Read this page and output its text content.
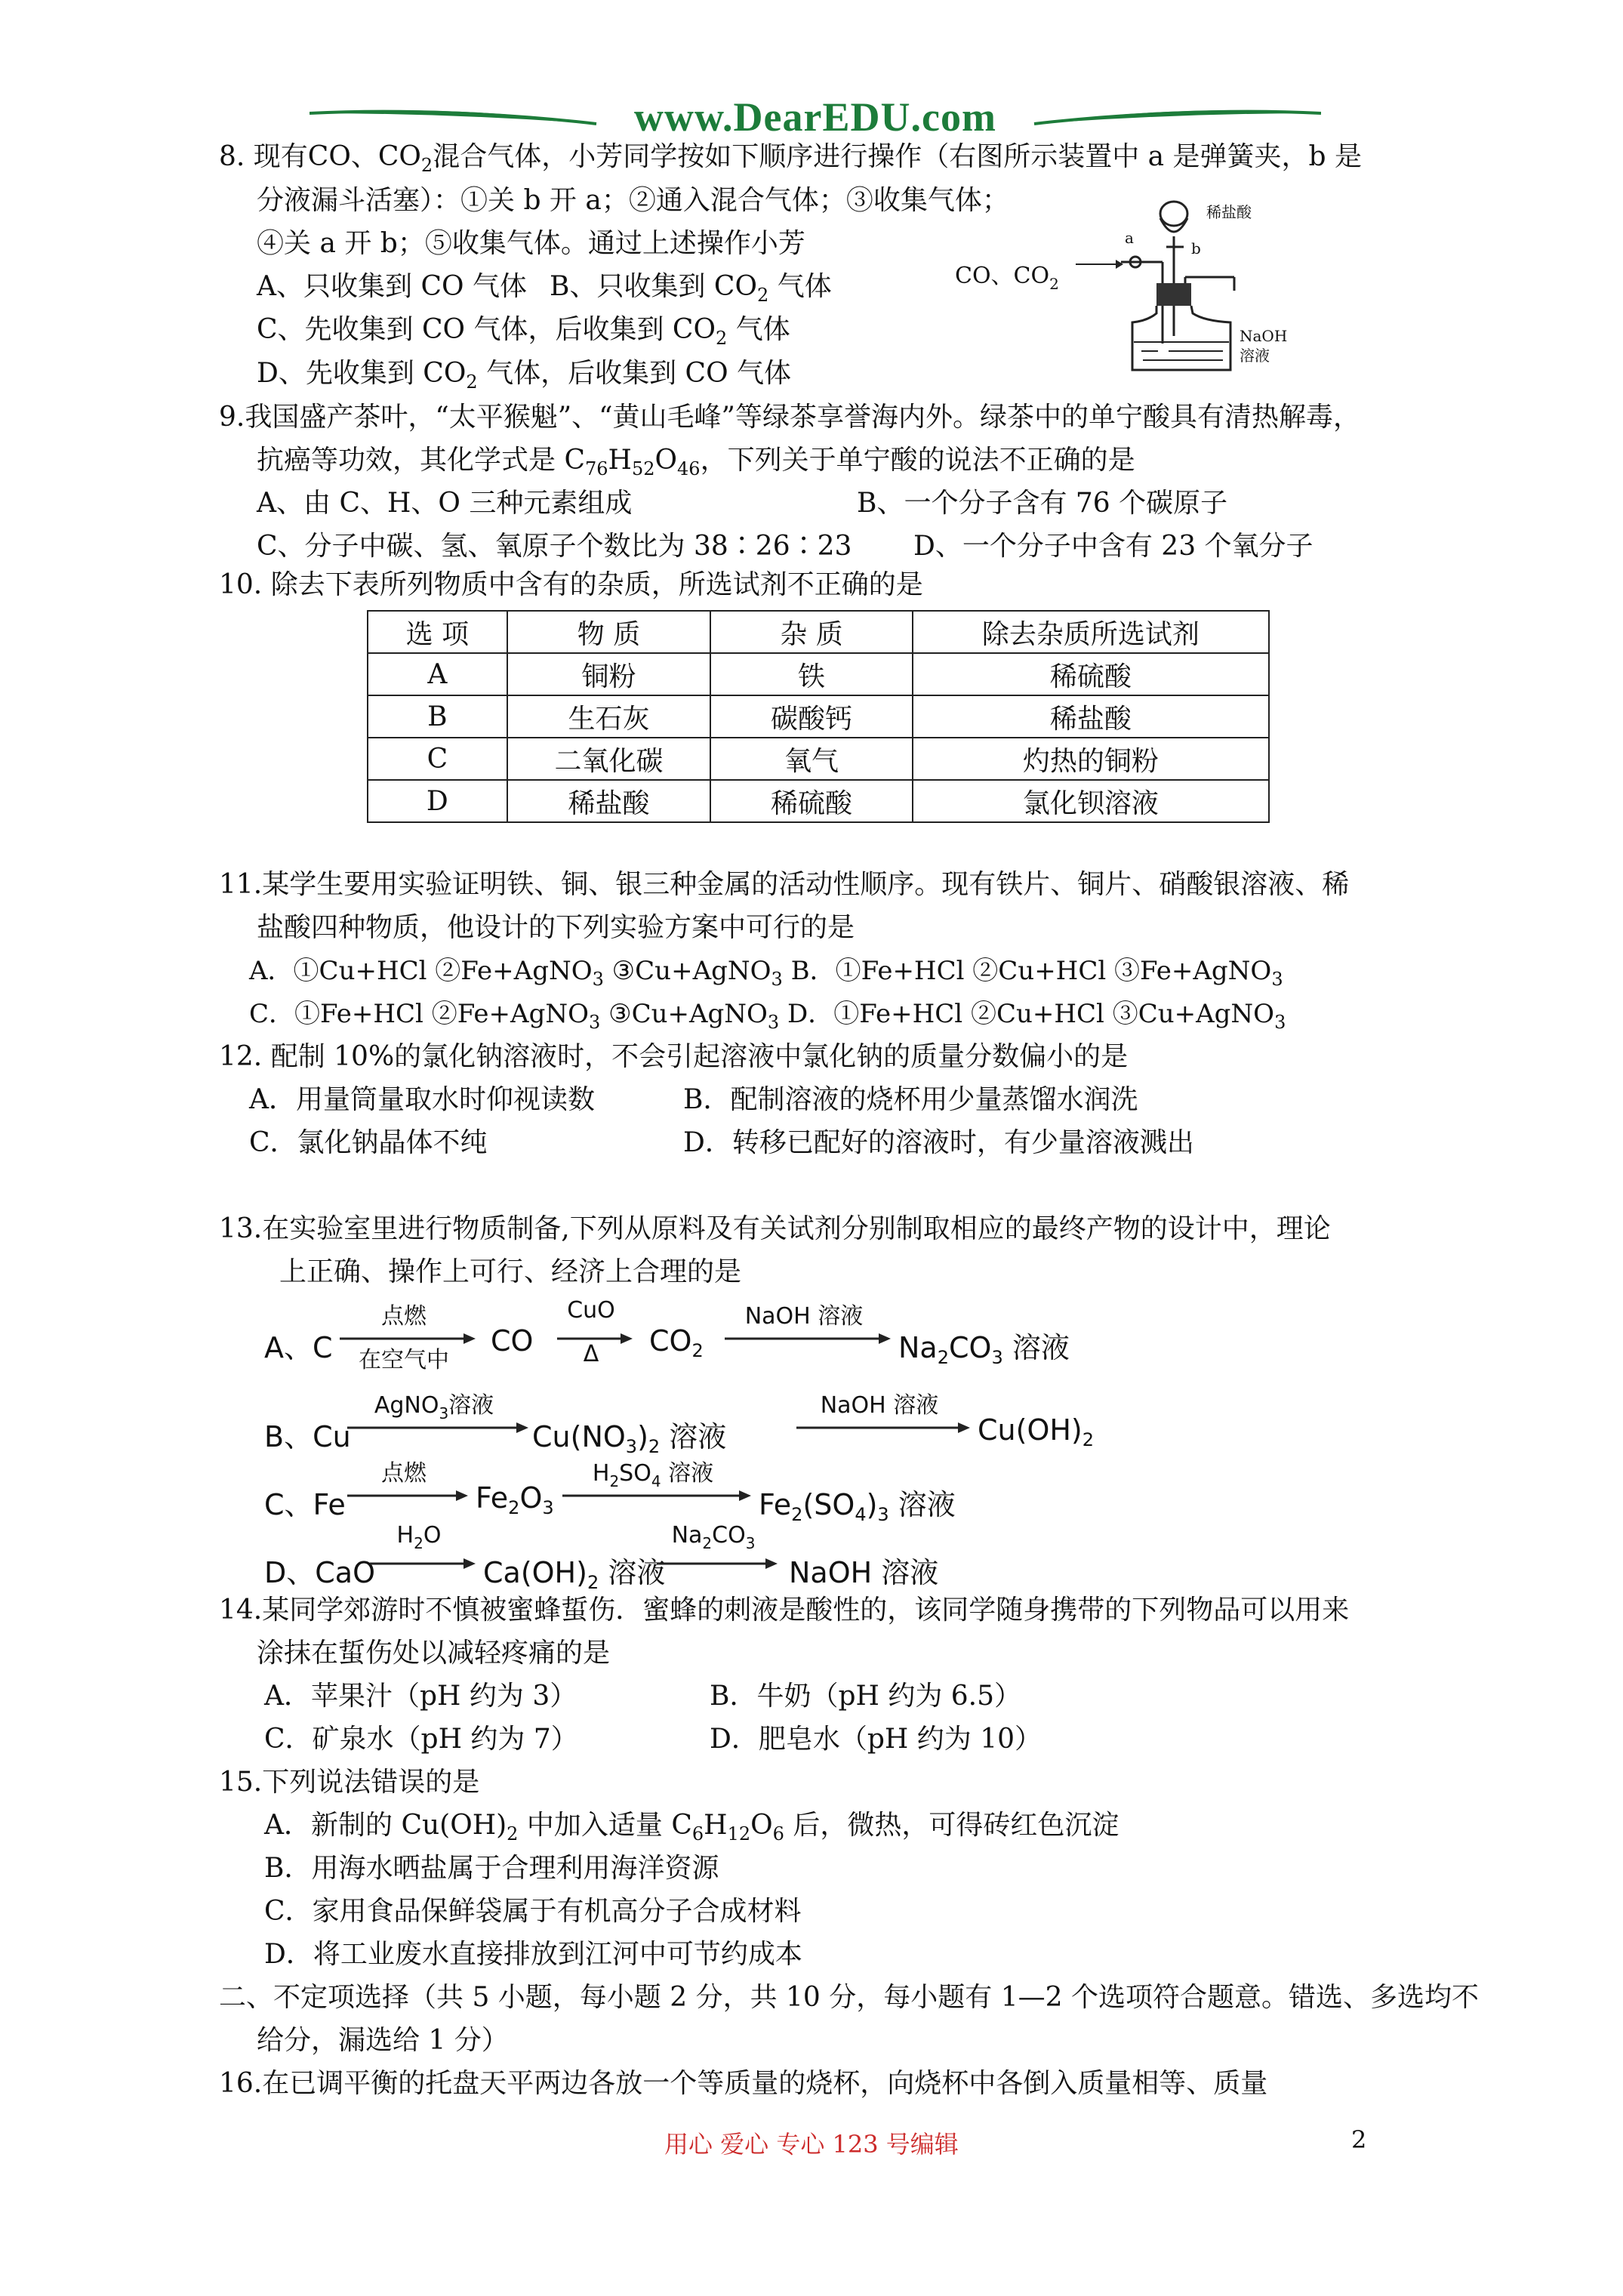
www.DearEDU.com
8. 现有CO、$CO_2$混合气体，小芳同学按如下顺序进行操作（右图所示装置中 a 是弹簧夹，b 是
分液漏斗活塞）：①关 b 开 a；②通入混合气体；③收集气体；
④关 a 开 b；⑤收集气体。通过上述操作小芳
A、只收集到 CO 气体 B、只收集到 $CO_2$ 气体
C、先收集到 CO 气体，后收集到 $CO_2$ 气体
D、先收集到 $CO_2$ 气体，后收集到 CO 气体
稀盐酸
a
b
CO、$CO_2$
NaOH
溶液
9.我国盛产茶叶，“太平猴魁”、“黄山毛峰”等绿茶享誉海内外。绿茶中的单宁酸具有清热解毒，
抗癌等功效，其化学式是 $C_{76}H_{52}O_{46}$，下列关于单宁酸的说法不正确的是
A、由 C、H、O 三种元素组成	B、一个分子含有 76 个碳原子
C、分子中碳、氢、氧原子个数比为 38∶26∶23 D、一个分子中含有 23 个氧分子
10. 除去下表所列物质中含有的杂质，所选试剂不正确的是
选 项	物 质	杂 质	除去杂质所选试剂
A	铜粉	铁	稀硫酸
B	生石灰	碳酸钙	稀盐酸
C	二氧化碳	氧气	灼热的铜粉
D	稀盐酸	稀硫酸	氯化钡溶液
11.某学生要用实验证明铁、铜、银三种金属的活动性顺序。现有铁片、铜片、硝酸银溶液、稀
盐酸四种物质，他设计的下列实验方案中可行的是
A．①Cu+HCl ②Fe+AgNO$_3$ ③Cu+AgNO$_3$ B．①Fe+HCl ②Cu+HCl ③Fe+AgNO$_3$
C．①Fe+HCl ②Fe+AgNO$_3$ ③Cu+AgNO$_3$ D．①Fe+HCl ②Cu+HCl ③Cu+AgNO$_3$
12. 配制 10%的氯化钠溶液时，不会引起溶液中氯化钠的质量分数偏小的是
A．用量筒量取水时仰视读数	B．配制溶液的烧杯用少量蒸馏水润洗
C．氯化钠晶体不纯	D．转移已配好的溶液时，有少量溶液溅出
13.在实验室里进行物质制备,下列从原料及有关试剂分别制取相应的最终产物的设计中，理论
上正确、操作上可行、经济上合理的是
A、C
点燃
在空气中
CO
CuO
Δ	$CO_2$
NaOH 溶液
$Na_2CO_3$ 溶液
B、Cu
AgNO$_3$溶液
$Cu(NO_3)_2$ 溶液
NaOH 溶液
$Cu(OH)_2$
C、Fe
点燃
$Fe_2O_3$
$H_2SO_4$ 溶液
$Fe_2(SO_4)_3$ 溶液
D、CaO
$H_2O$
$Ca(OH)_2$ 溶液
$Na_2CO_3$
NaOH 溶液
14.某同学郊游时不慎被蜜蜂蜇伤．蜜蜂的刺液是酸性的，该同学随身携带的下列物品可以用来
涂抹在蜇伤处以减轻疼痛的是
A．苹果汁（pH 约为 3）	B．牛奶（pH 约为 6.5）
C．矿泉水（pH 约为 7）	D．肥皂水（pH 约为 10）
15.下列说法错误的是
A．新制的 $Cu(OH)_2$ 中加入适量 $C_6H_{12}O_6$ 后，微热，可得砖红色沉淀
B．用海水晒盐属于合理利用海洋资源
C．家用食品保鲜袋属于有机高分子合成材料
D．将工业废水直接排放到江河中可节约成本
二、不定项选择（共 5 小题，每小题 2 分，共 10 分，每小题有 1—2 个选项符合题意。错选、多选均不
给分，漏选给 1 分）
16.在已调平衡的托盘天平两边各放一个等质量的烧杯，向烧杯中各倒入质量相等、质量
用心 爱心 专心 123 号编辑	2
